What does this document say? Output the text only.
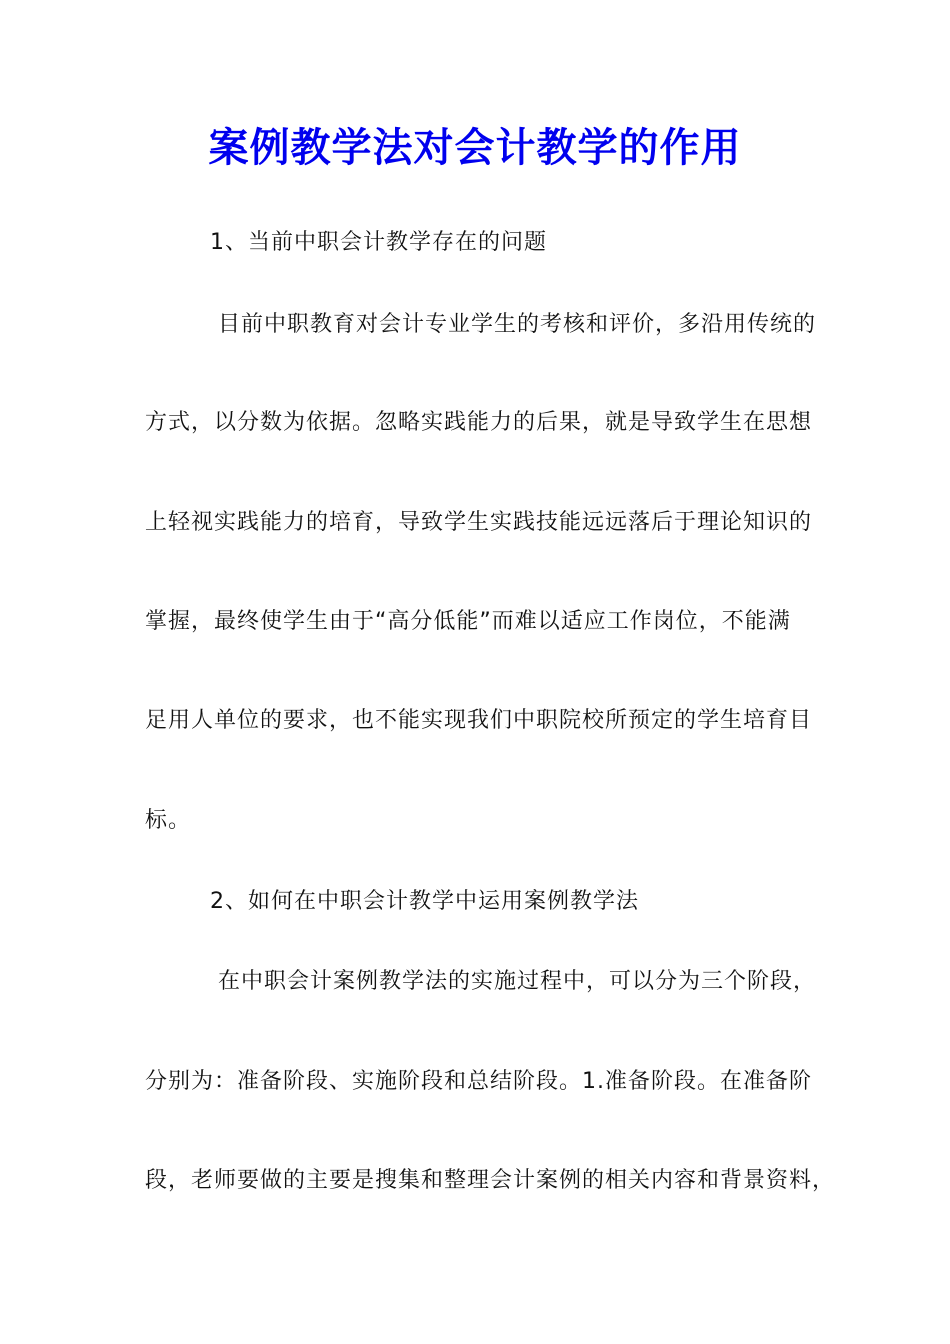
案例教学法对会计教学的作用
1、当前中职会计教学存在的问题
目前中职教育对会计专业学生的考核和评价，多沿用传统的
方式，以分数为依据。忽略实践能力的后果，就是导致学生在思想
上轻视实践能力的培育，导致学生实践技能远远落后于理论知识的
掌握，最终使学生由于“高分低能”而难以适应工作岗位，不能满
足用人单位的要求，也不能实现我们中职院校所预定的学生培育目
标。
2、如何在中职会计教学中运用案例教学法
在中职会计案例教学法的实施过程中，可以分为三个阶段，
分别为：准备阶段、实施阶段和总结阶段。1.准备阶段。在准备阶
段，老师要做的主要是搜集和整理会计案例的相关内容和背景资料，
